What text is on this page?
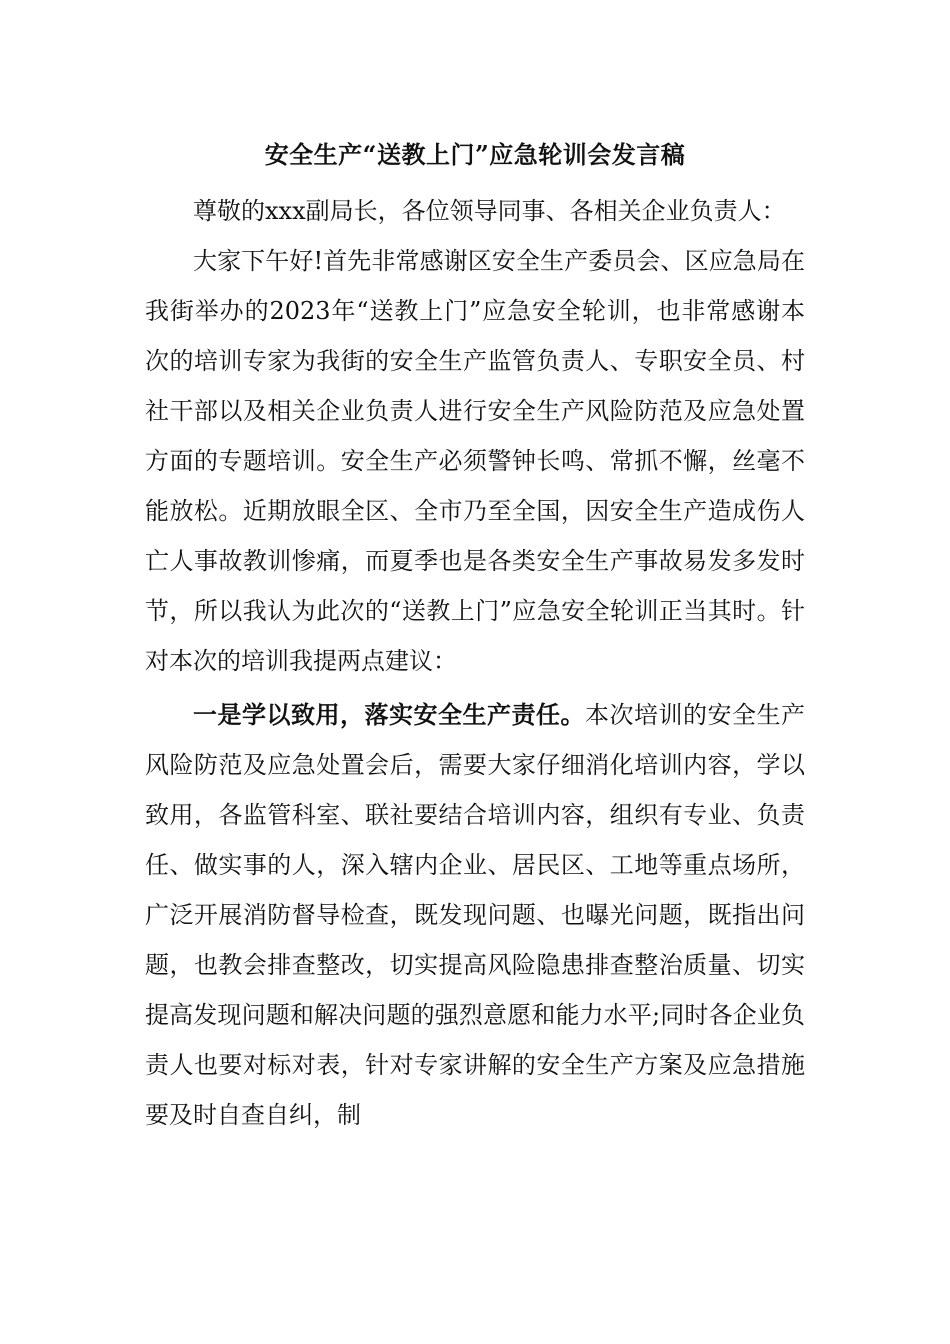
安全生产“送教上门”应急轮训会发言稿

尊敬的xxx副局长，各位领导同事、各相关企业负责人：

大家下午好!首先非常感谢区安全生产委员会、区应急局在我街举办的2023年“送教上门”应急安全轮训，也非常感谢本次的培训专家为我街的安全生产监管负责人、专职安全员、村社干部以及相关企业负责人进行安全生产风险防范及应急处置方面的专题培训。安全生产必须警钟长鸣、常抓不懈，丝毫不能放松。近期放眼全区、全市乃至全国，因安全生产造成伤人亡人事故教训惨痛，而夏季也是各类安全生产事故易发多发时节，所以我认为此次的“送教上门”应急安全轮训正当其时。针对本次的培训我提两点建议：

一是学以致用，落实安全生产责任。本次培训的安全生产风险防范及应急处置会后，需要大家仔细消化培训内容，学以致用，各监管科室、联社要结合培训内容，组织有专业、负责任、做实事的人，深入辖内企业、居民区、工地等重点场所，广泛开展消防督导检查，既发现问题、也曝光问题，既指出问题，也教会排查整改，切实提高风险隐患排查整治质量、切实提高发现问题和解决问题的强烈意愿和能力水平;同时各企业负责人也要对标对表，针对专家讲解的安全生产方案及应急措施要及时自查自纠，制
